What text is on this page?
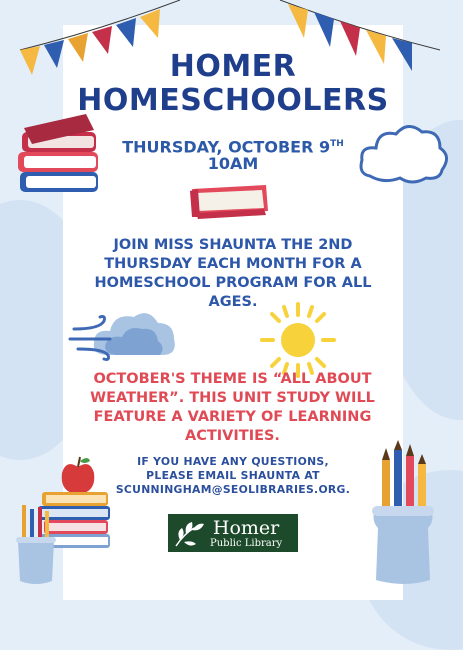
HOMER
HOMESCHOOLERS
THURSDAY, OCTOBER 9TH
10AM
JOIN MISS SHAUNTA THE 2ND THURSDAY EACH MONTH FOR A HOMESCHOOL PROGRAM FOR ALL AGES.
OCTOBER'S THEME IS “ALL ABOUT WEATHER”. THIS UNIT STUDY WILL FEATURE A VARIETY OF LEARNING ACTIVITIES.
IF YOU HAVE ANY QUESTIONS,
PLEASE EMAIL SHAUNTA AT
SCUNNINGHAM@SEOLIBRARIES.ORG.
Homer
Public Library
